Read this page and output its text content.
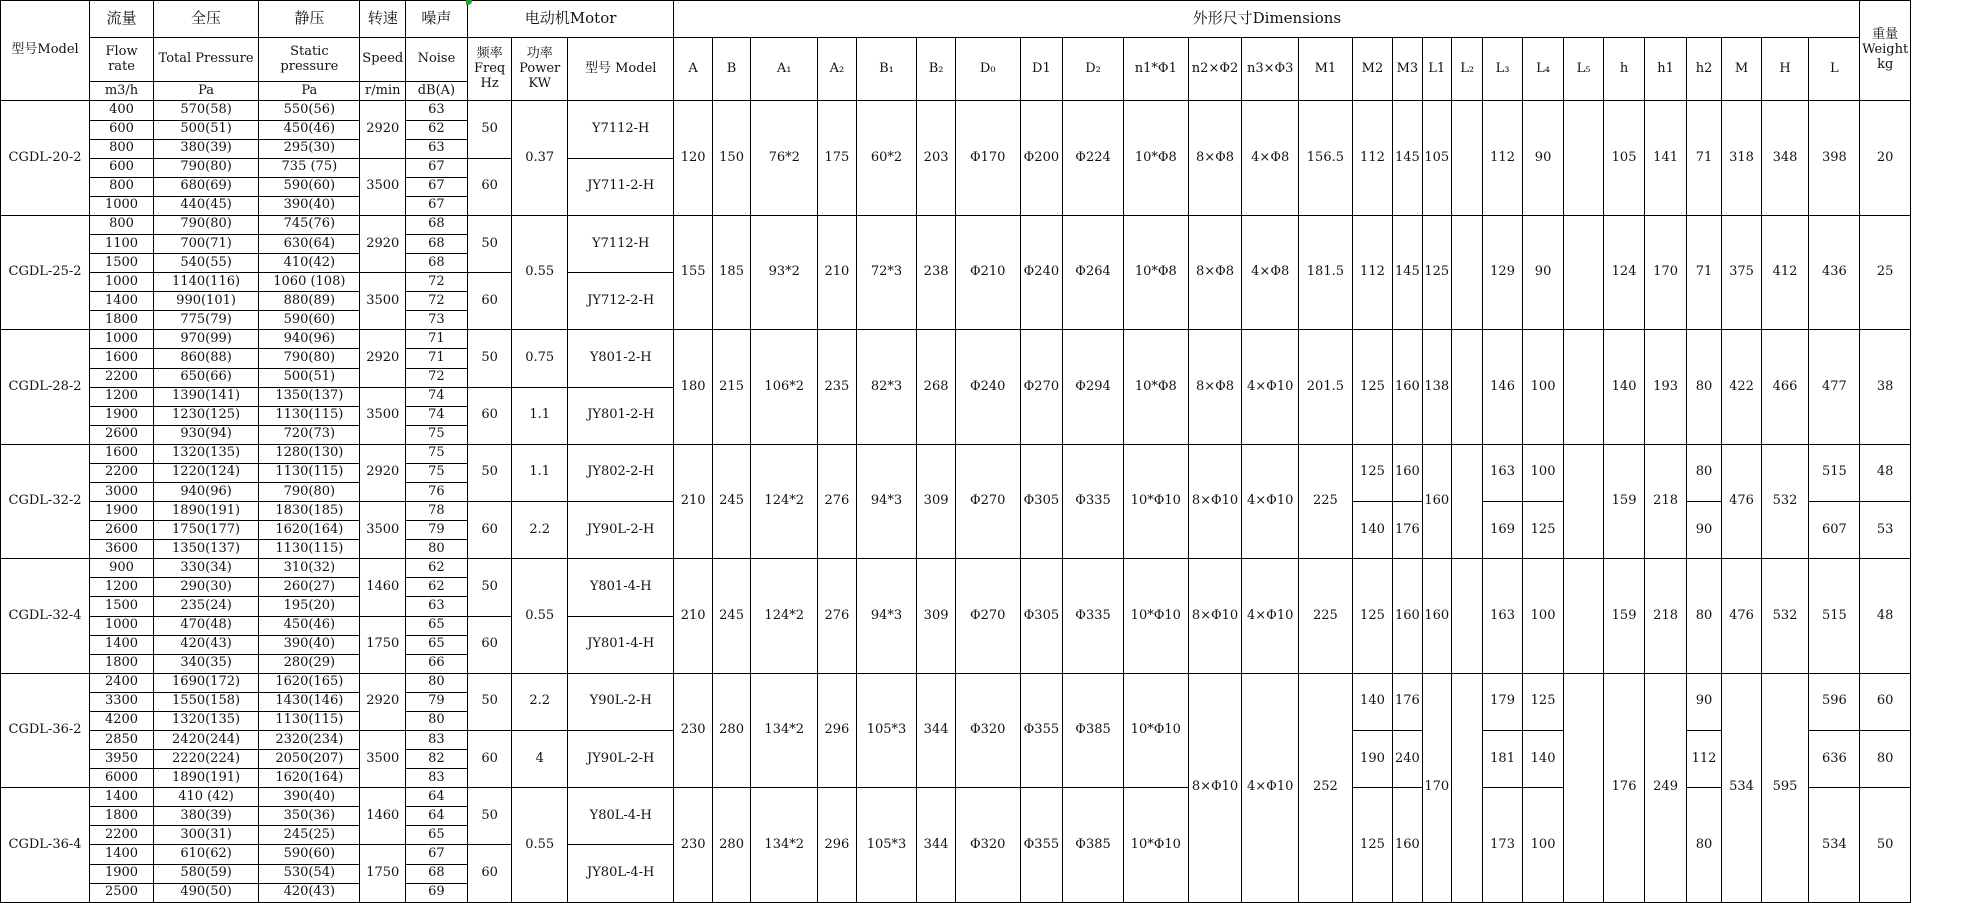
型号Model	流量	全压	静压	转速	噪声	电动机Motor			外形尺寸Dimensions																										重量 Weight kg
	Flow rate	Total Pressure	Static pressure	Speed	Noise	频率 Freq Hz	功率 Power KW	型号 Model	A	B	A₁	A₂	B₁	B₂	D₀	D1	D₂	n1*Φ1	n2×Φ2	n3×Φ3	M1	M2	M3	L1	L₂	L₃	L₄	L₅	h	h1	h2	M	H	L	
	m3/h	Pa	Pa	r/min	dB(A)																														
CGDL-20-2	400	570(58)	550(56)	2920	63	50	0.37	Y7112-H	120	150	76*2	175	60*2	203	Φ170	Φ200	Φ224	10*Φ8	8×Φ8	4×Φ8	156.5	112	145	105		112	90		105	141	71	318	348	398	20
	600	500(51)	450(46)		62																														
	800	380(39)	295(30)		63																														
	600	790(80)	735 (75)	3500	67	60		JY711-2-H																											
	800	680(69)	590(60)		67																														
	1000	440(45)	390(40)		67																														
CGDL-25-2	800	790(80)	745(76)	2920	68	50	0.55	Y7112-H	155	185	93*2	210	72*3	238	Φ210	Φ240	Φ264	10*Φ8	8×Φ8	4×Φ8	181.5	112	145	125		129	90		124	170	71	375	412	436	25
	1100	700(71)	630(64)		68																														
	1500	540(55)	410(42)		68																														
	1000	1140(116)	1060 (108)	3500	72	60		JY712-2-H																											
	1400	990(101)	880(89)		72																														
	1800	775(79)	590(60)		73																														
CGDL-28-2	1000	970(99)	940(96)	2920	71	50	0.75	Y801-2-H	180	215	106*2	235	82*3	268	Φ240	Φ270	Φ294	10*Φ8	8×Φ8	4×Φ10	201.5	125	160	138		146	100		140	193	80	422	466	477	38
	1600	860(88)	790(80)		71																														
	2200	650(66)	500(51)		72																														
	1200	1390(141)	1350(137)	3500	74	60	1.1	JY801-2-H																											
	1900	1230(125)	1130(115)		74																														
	2600	930(94)	720(73)		75																														
CGDL-32-2	1600	1320(135)	1280(130)	2920	75	50	1.1	JY802-2-H	210	245	124*2	276	94*3	309	Φ270	Φ305	Φ335	10*Φ10	8×Φ10	4×Φ10	225	125	160	160		163	100		159	218	80	476	532	515	48
	2200	1220(124)	1130(115)		75																														
	3000	940(96)	790(80)		76																														
	1900	1890(191)	1830(185)	3500	78	60	2.2	JY90L-2-H														140	176			169	125				90			607	53
	2600	1750(177)	1620(164)		79																														
	3600	1350(137)	1130(115)		80																														
CGDL-32-4	900	330(34)	310(32)	1460	62	50	0.55	Y801-4-H	210	245	124*2	276	94*3	309	Φ270	Φ305	Φ335	10*Φ10	8×Φ10	4×Φ10	225	125	160	160		163	100		159	218	80	476	532	515	48
	1200	290(30)	260(27)		62																														
	1500	235(24)	195(20)		63																														
	1000	470(48)	450(46)	1750	65	60		JY801-4-H																											
	1400	420(43)	390(40)		65																														
	1800	340(35)	280(29)		66																														
CGDL-36-2	2400	1690(172)	1620(165)	2920	80	50	2.2	Y90L-2-H	230	280	134*2	296	105*3	344	Φ320	Φ355	Φ385	10*Φ10	8×Φ10	4×Φ10	252	140	176	170		179	125		176	249	90	534	595	596	60
	3300	1550(158)	1430(146)		79																														
	4200	1320(135)	1130(115)		80																														
	2850	2420(244)	2320(234)	3500	83	60	4	JY90L-2-H														190	240			181	140				112			636	80
	3950	2220(224)	2050(207)		82																														
	6000	1890(191)	1620(164)		83																														
CGDL-36-4	1400	410 (42)	390(40)	1460	64	50	0.55	Y80L-4-H	230	280	134*2	296	105*3	344	Φ320	Φ355	Φ385	10*Φ10				125	160			173	100				80			534	50
	1800	380(39)	350(36)		64																														
	2200	300(31)	245(25)		65																														
	1400	610(62)	590(60)	1750	67	60		JY80L-4-H																											
	1900	580(59)	530(54)		68																														
	2500	490(50)	420(43)		69																														
